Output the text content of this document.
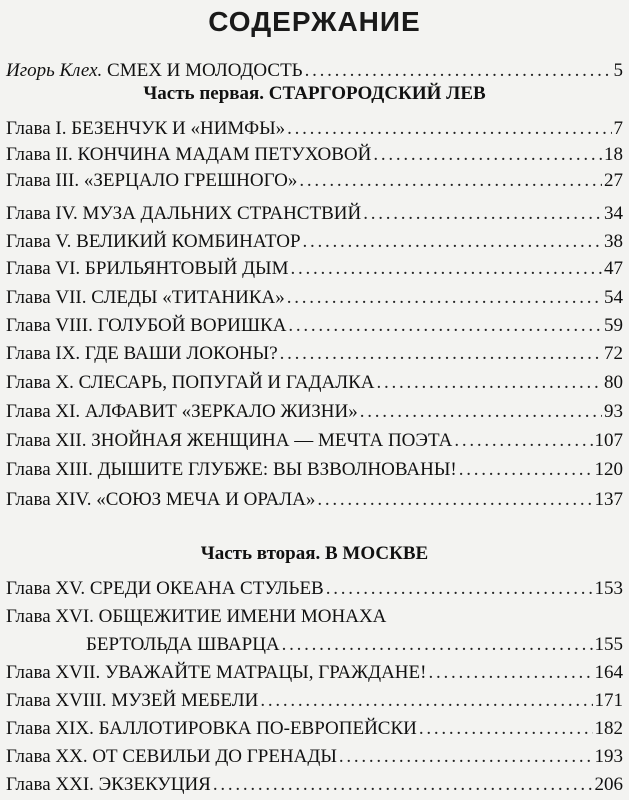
СОДЕРЖАНИЕ
Игорь Клех. СМЕХ И МОЛОДОСТЬ . . .	5
Часть первая. СТАРГОРОДСКИЙ ЛЕВ
Глава I. БЕЗЕНЧУК И «НИМФЫ» . . .	7
Глава II. КОНЧИНА МАДАМ ПЕТУХОВОЙ . . .	18
Глава III. «ЗЕРЦАЛО ГРЕШНОГО» . . .	27
Глава IV. МУЗА ДАЛЬНИХ СТРАНСТВИЙ . . .	34
Глава V. ВЕЛИКИЙ КОМБИНАТОР . . .	38
Глава VI. БРИЛЬЯНТОВЫЙ ДЫМ . . .	47
Глава VII. СЛЕДЫ «ТИТАНИКА» . . .	54
Глава VIII. ГОЛУБОЙ ВОРИШКА . . .	59
Глава IX. ГДЕ ВАШИ ЛОКОНЫ? . . .	72
Глава X. СЛЕСАРЬ, ПОПУГАЙ И ГАДАЛКА . . .	80
Глава XI. АЛФАВИТ «ЗЕРКАЛО ЖИЗНИ» . . .	93
Глава XII. ЗНОЙНАЯ ЖЕНЩИНА — МЕЧТА ПОЭТА . . .	107
Глава XIII. ДЫШИТЕ ГЛУБЖЕ: ВЫ ВЗВОЛНОВАНЫ! . . .	120
Глава XIV. «СОЮЗ МЕЧА И ОРАЛА» . . .	137
Часть вторая. В МОСКВЕ
Глава XV. СРЕДИ ОКЕАНА СТУЛЬЕВ . . .	153
Глава XVI. ОБЩЕЖИТИЕ ИМЕНИ МОНАХА
БЕРТОЛЬДА ШВАРЦА . . .	155
Глава XVII. УВАЖАЙТЕ МАТРАЦЫ, ГРАЖДАНЕ! . . .	164
Глава XVIII. МУЗЕЙ МЕБЕЛИ . . .	171
Глава XIX. БАЛЛОТИРОВКА ПО-ЕВРОПЕЙСКИ . . .	182
Глава XX. ОТ СЕВИЛЬИ ДО ГРЕНАДЫ . . .	193
Глава XXI. ЭКЗЕКУЦИЯ . . .	206
